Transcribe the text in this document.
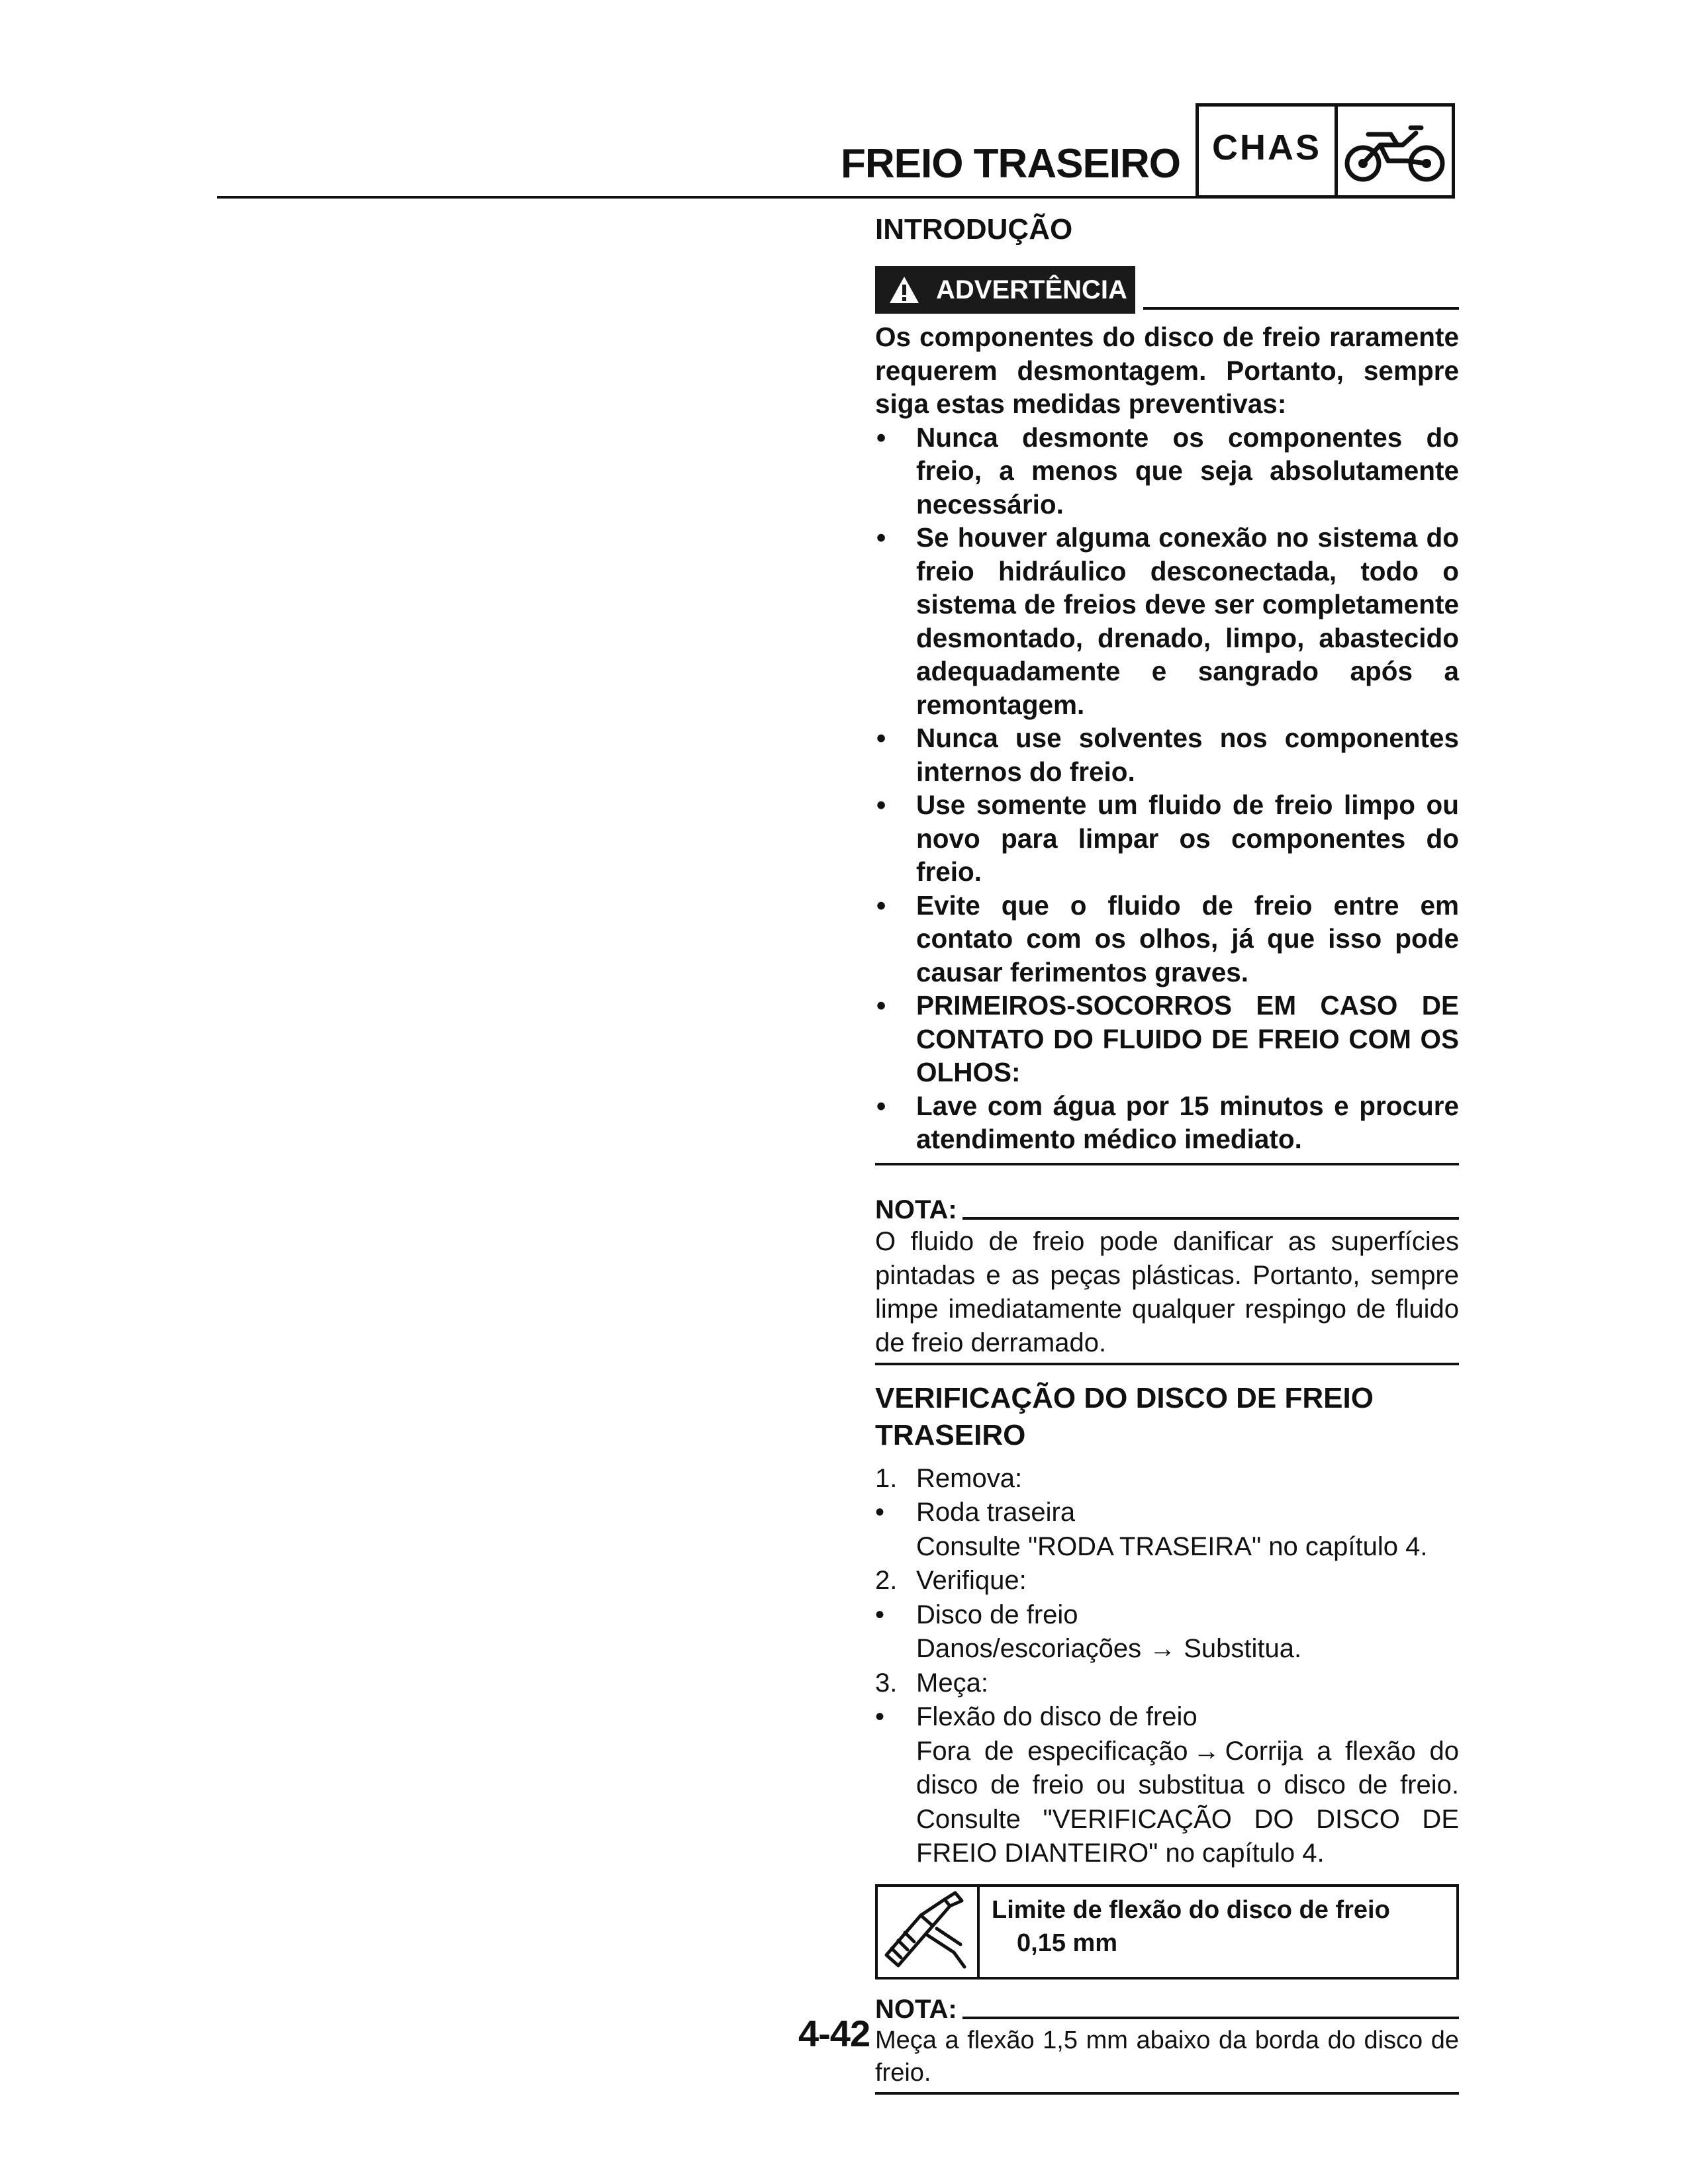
FREIO TRASEIRO CHAS
INTRODUÇÃO
ADVERTÊNCIA

Os componentes do disco de freio raramente requerem desmontagem. Portanto, sempre siga estas medidas preventivas:

• Nunca desmonte os componentes do freio, a menos que seja absolutamente necessário.
• Se houver alguma conexão no sistema do freio hidráulico desconectada, todo o sistema de freios deve ser completamente desmontado, drenado, limpo, abastecido adequadamente e sangrado após a remontagem.
• Nunca use solventes nos componentes internos do freio.
• Use somente um fluido de freio limpo ou novo para limpar os componentes do freio.
• Evite que o fluido de freio entre em contato com os olhos, já que isso pode causar ferimentos graves.
• PRIMEIROS-SOCORROS EM CASO DE CONTATO DO FLUIDO DE FREIO COM OS OLHOS:
• Lave com água por 15 minutos e procure atendimento médico imediato.
NOTA:
O fluido de freio pode danificar as superfícies pintadas e as peças plásticas. Portanto, sempre limpe imediatamente qualquer respingo de fluido de freio derramado.
VERIFICAÇÃO DO DISCO DE FREIO
TRASEIRO
1. Remova:
• Roda traseira
Consulte "RODA TRASEIRA" no capítulo 4.
2. Verifique:
• Disco de freio
Danos/escoriações → Substitua.
3. Meça:
• Flexão do disco de freio
Fora de especificação → Corrija a flexão do disco de freio ou substitua o disco de freio. Consulte "VERIFICAÇÃO DO DISCO DE FREIO DIANTEIRO" no capítulo 4.
Limite de flexão do disco de freio
0,15 mm
NOTA:
Meça a flexão 1,5 mm abaixo da borda do disco de freio.
4-42
